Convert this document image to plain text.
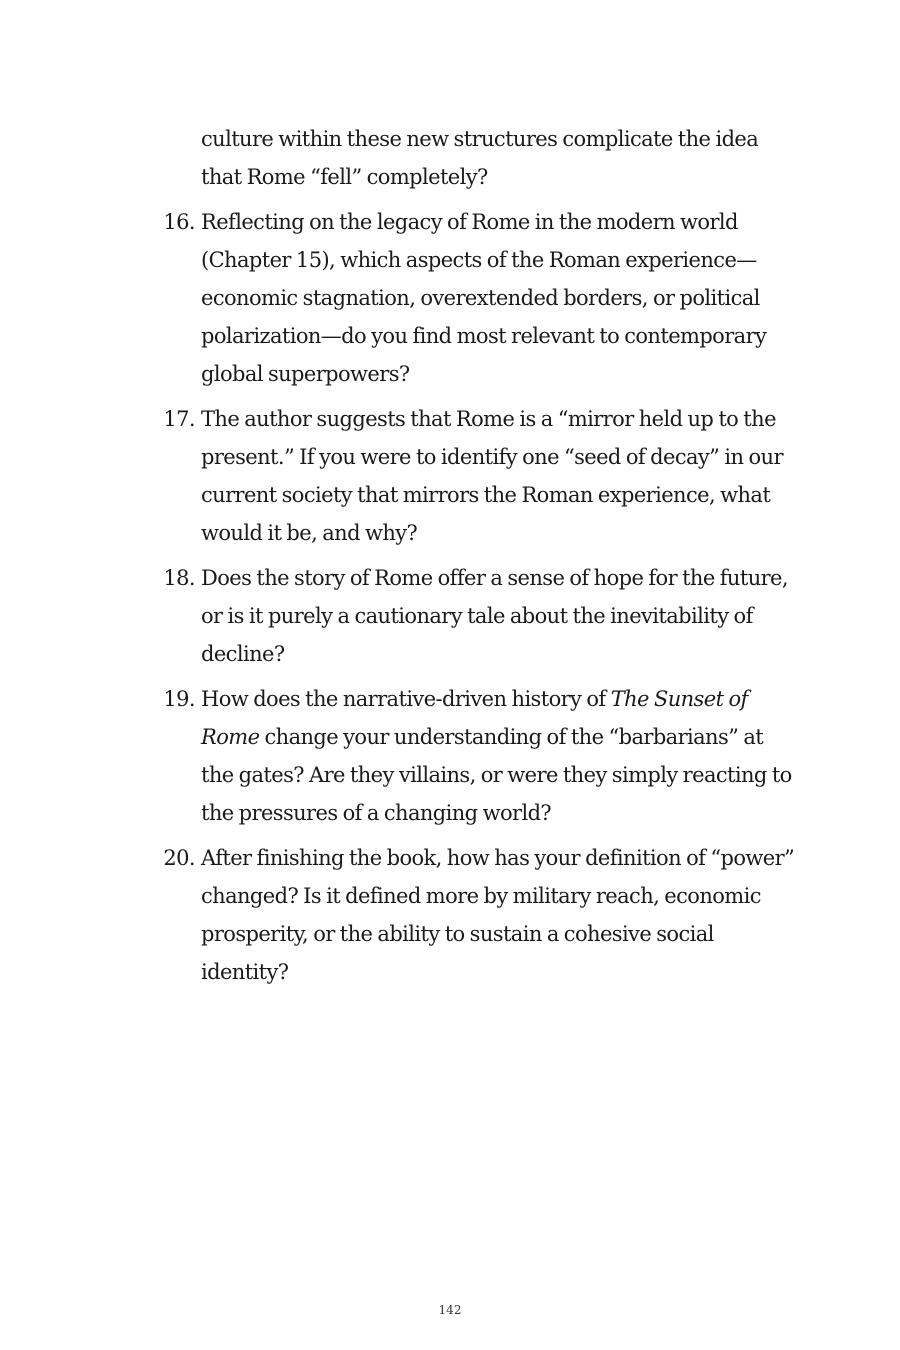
culture within these new structures complicate the idea that Rome “fell” completely?

16. Reflecting on the legacy of Rome in the modern world (Chapter 15), which aspects of the Roman experience—economic stagnation, overextended borders, or political polarization—do you find most relevant to contemporary global superpowers?
17. The author suggests that Rome is a “mirror held up to the present.” If you were to identify one “seed of decay” in our current society that mirrors the Roman experience, what would it be, and why?
18. Does the story of Rome offer a sense of hope for the future, or is it purely a cautionary tale about the inevitability of decline?
19. How does the narrative-driven history of The Sunset of Rome change your understanding of the “barbarians” at the gates? Are they villains, or were they simply reacting to the pressures of a changing world?
20. After finishing the book, how has your definition of “power” changed? Is it defined more by military reach, economic prosperity, or the ability to sustain a cohesive social identity?
142
